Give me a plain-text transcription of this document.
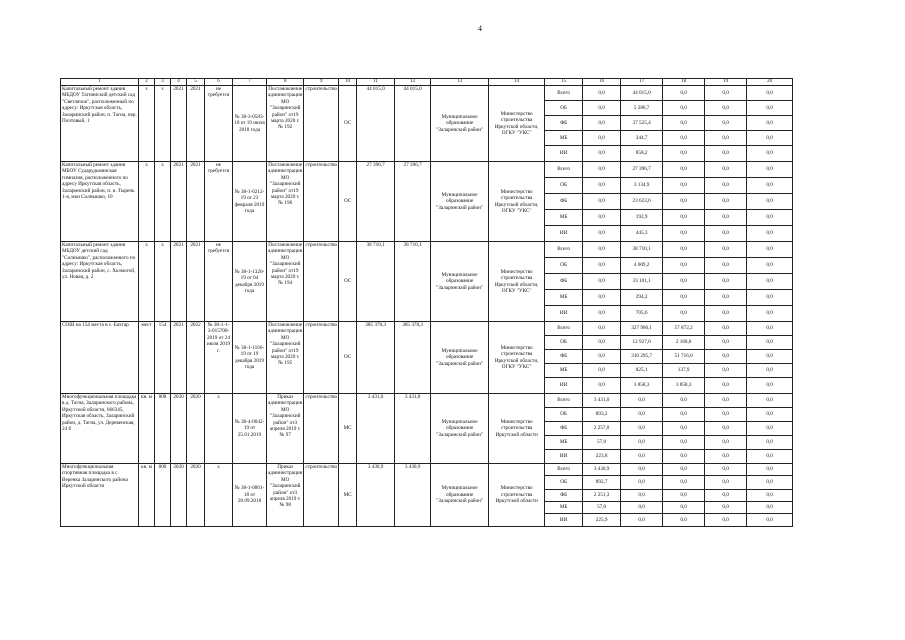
4
1	2	3	4	5	6	7	8	9	10	11	12	13	14	15	16	17	18	19	20
Капитальный ремонт здания МБДОУ Тагнинский детский сад "Светлячок", расположенный по адресу: Иркутская область, Заларинский район, п. Тагна, пер. Почтовый, 1	х	х	2021	2021	не требуется	№ 38-3-0583-18 от 19 июля 2018 года	Постановление администрации МО "Заларинский район" от19 марта 2020 г. № 192	строительство	ОС	44 015,0	44 015,0	Муниципальное образование "Заларинский район"	Министерство строительства Иркутской области, ОГКУ "УКС"	Всего	0,0	44 015,0	0,0	0,0	0,0
														ОБ	0,0	5 286,7	0,0	0,0	0,0
														ФБ	0,0	37 525,4	0,0	0,0	0,0
														МБ	0,0	344,7	0,0	0,0	0,0
														ИИ	0,0	858,2	0,0	0,0	0,0
Капитальный ремонт здания МБОУ Сударудьминская гимназия, расположенного по адресу Иркутская область, Заларинский район, п. и. Тырепь 1-я, мкн Солнышко, 10	х	х	2021	2021	не требуется	№ 38-1-0212-19 от 23 февраля 2019 года	Постановление администрации МО "Заларинский район" от19 марта 2020 г. № 196	строительство	ОС	27 396,7	27 396,7	Муниципальное образование "Заларинский район"	Министерство строительства Иркутской области, ОГКУ "УКС"	Всего	0,0	27 396,7	0,0	0,0	0,0
														ОБ	0,0	3 134,9	0,0	0,0	0,0
														ФБ	0,0	23 623,6	0,0	0,0	0,0
														МБ	0,0	192,9	0,0	0,0	0,0
														ИИ	0,0	445,3	0,0	0,0	0,0
Капитальный ремонт здания МБДОУ детский сад "Солнышко", расположенного по адресу: Иркутская область, Заларинский район, с. Холмогой, ул. Новая, д. 2	х	х	2021	2021	не требуется	№ 38-1-1320-19 от 04 декабря 2019 года	Постановление администрации МО "Заларинский район" от19 марта 2020 г. № 194	строительство	ОС	38 710,1	38 710,1	Муниципальное образование "Заларинский район"	Министерство строительства Иркутской области, ОГКУ "УКС"	Всего	0,0	38 710,1	0,0	0,0	0,0
														ОБ	0,0	4 609,2	0,0	0,0	0,0
														ФБ	0,0	33 101,1	0,0	0,0	0,0
														МБ	0,0	294,2	0,0	0,0	0,0
														ИИ	0,0	705,6	0,0	0,0	0,0
СОШ на 154 места в с. Бахтар	мест	154	2021	2022	№ 38-1-1-3-015708-2019 от 24 июля 2019 г.	№ 38-1-1166-19 от 19 декабря 2019 года	Постановление администрации МО "Заларинский район" от19 марта 2020 г. № 195	строительство	ОС	385 378,3	385 378,3	Муниципальное образование "Заларинский район"	Министерство строительства Иркутской области, ОГКУ "УКС"	Всего	0,0	327 906,1	57 872,2	0,0	0,0
														ОБ	0,0	12 927,0	2 160,0	0,0	0,0
														ФБ	0,0	310 295,7	51 716,0	0,0	0,0
														МБ	0,0	825,1	137,9	0,0	0,0
														ИИ	0,0	3 858,3	3 858,3	0,0	0,0
Многофункциональная площадка в д. Тагна, Заларинского района, Иркутской области, 666345, Иркутская область, Заларинский район, д. Тагна, ул. Деревенская, 24 б	кв. м	808	2020	2020	х	№ 38-4-0042-19 от 25.01.2019	Приказ администрации МО "Заларинский район" от3 апреля 2019 г. № 97	строительство	МС	3 431,0	3 431,0	Муниципальное образование "Заларинский район"	Министерство строительства Иркутской области	Всего	3 431,0	0,0	0,0	0,0	0,0
														ОБ	893,2	0,0	0,0	0,0	0,0
														ФБ	2 257,0	0,0	0,0	0,0	0,0
														МБ	57,0	0,0	0,0	0,0	0,0
														ИИ	223,8	0,0	0,0	0,0	0,0
Многофункциональная спортивная площадка в с. Веренка Заларинского района Иркутской области	кв. м	800	2020	2020	х	№ 38-1-0801-18 от 28.09.2018	Приказ администрации МО "Заларинский район" от3 апреля 2019 г. № 98	строительство	МС	3 430,9	3 430,9	Муниципальное образование "Заларинский район"	Министерство строительства Иркутской области	Всего	3 430,9	0,0	0,0	0,0	0,0
														ОБ	892,7	0,0	0,0	0,0	0,0
														ФБ	2 251,3	0,0	0,0	0,0	0,0
														МБ	57,0	0,0	0,0	0,0	0,0
														ИИ	225,9	0,0	0,0	0,0	0,0
·
·
